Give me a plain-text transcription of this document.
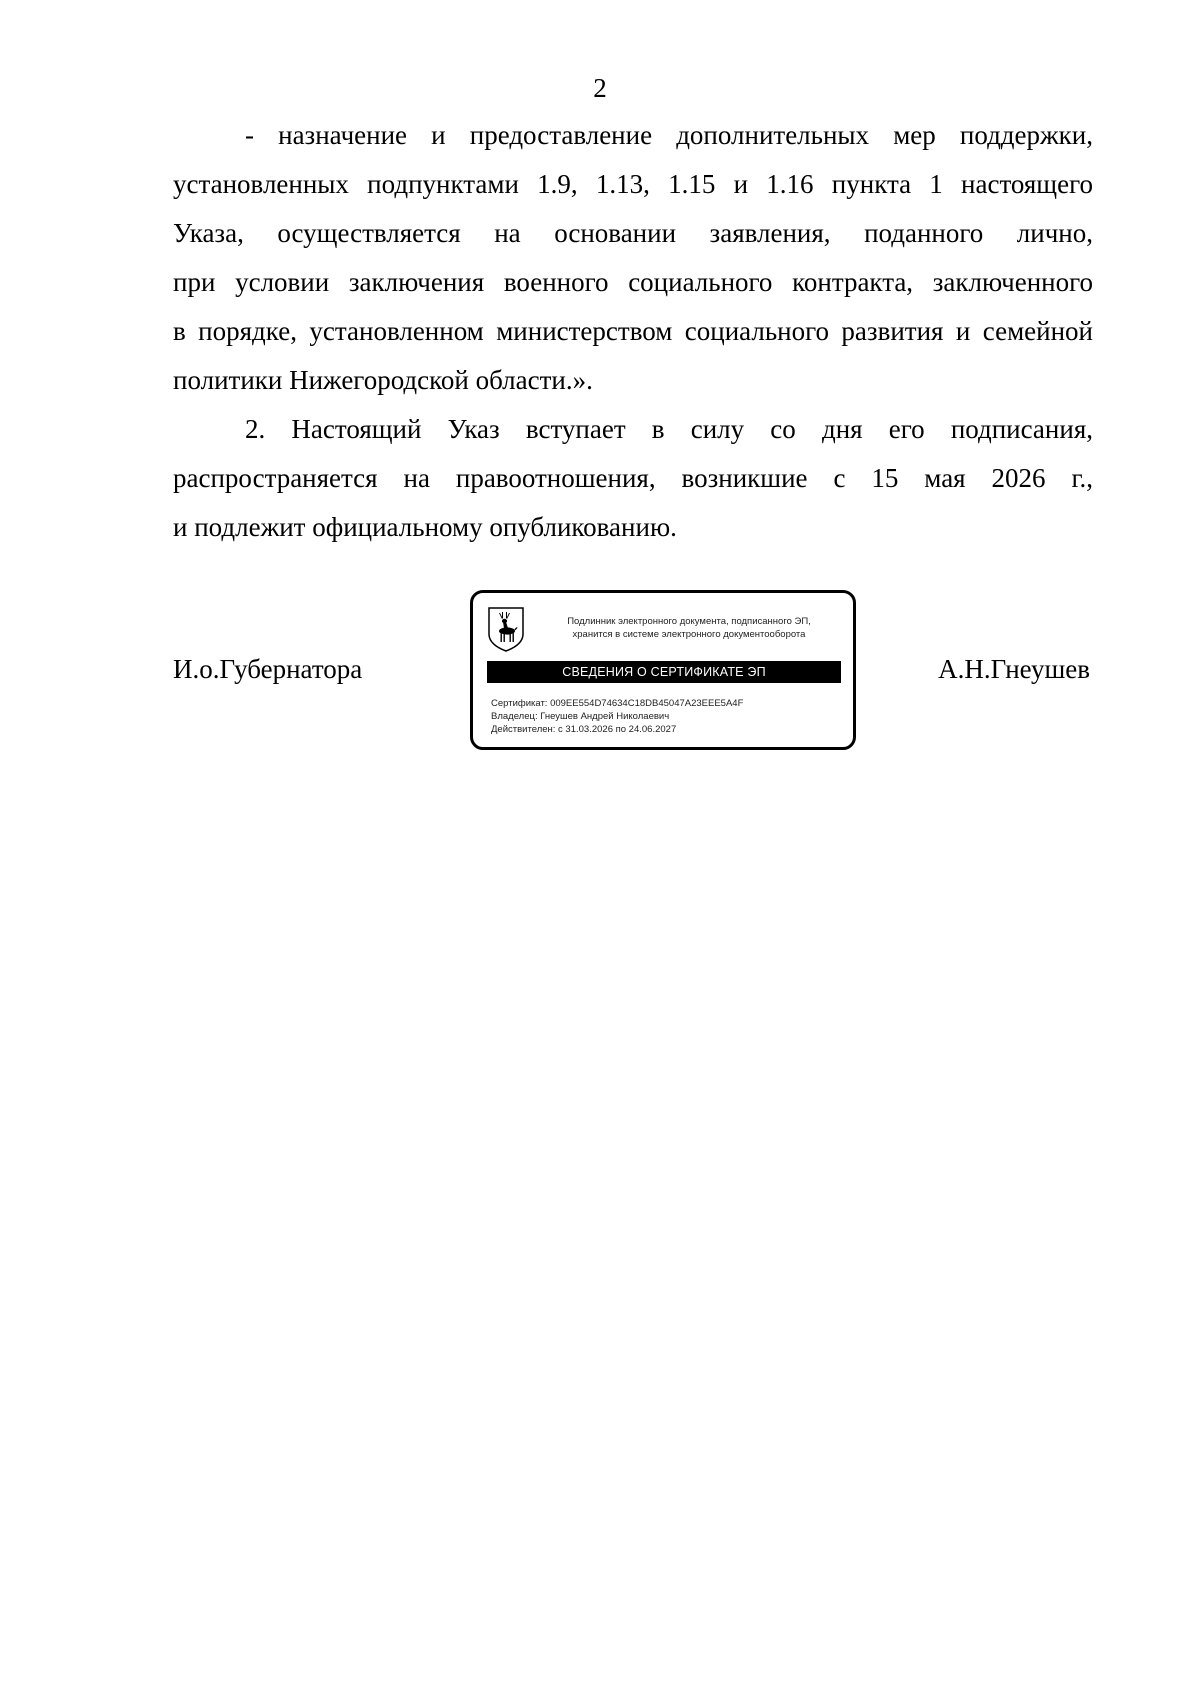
2
- назначение и предоставление дополнительных мер поддержки,
установленных подпунктами 1.9, 1.13, 1.15 и 1.16 пункта 1 настоящего
Указа, осуществляется на основании заявления, поданного лично,
при условии заключения военного социального контракта, заключенного
в порядке, установленном министерством социального развития и семейной
политики Нижегородской области.».
2. Настоящий Указ вступает в силу со дня его подписания,
распространяется на правоотношения, возникшие с 15 мая 2026 г.,
и подлежит официальному опубликованию.
И.о.Губернатора	А.Н.Гнеушев
Подлинник электронного документа, подписанного ЭП,
хранится в системе электронного документооборота
СВЕДЕНИЯ О СЕРТИФИКАТЕ ЭП
Сертификат: 009EE554D74634C18DB45047A23EEE5A4F
Владелец: Гнеушев Андрей Николаевич
Действителен: с 31.03.2026 по 24.06.2027
